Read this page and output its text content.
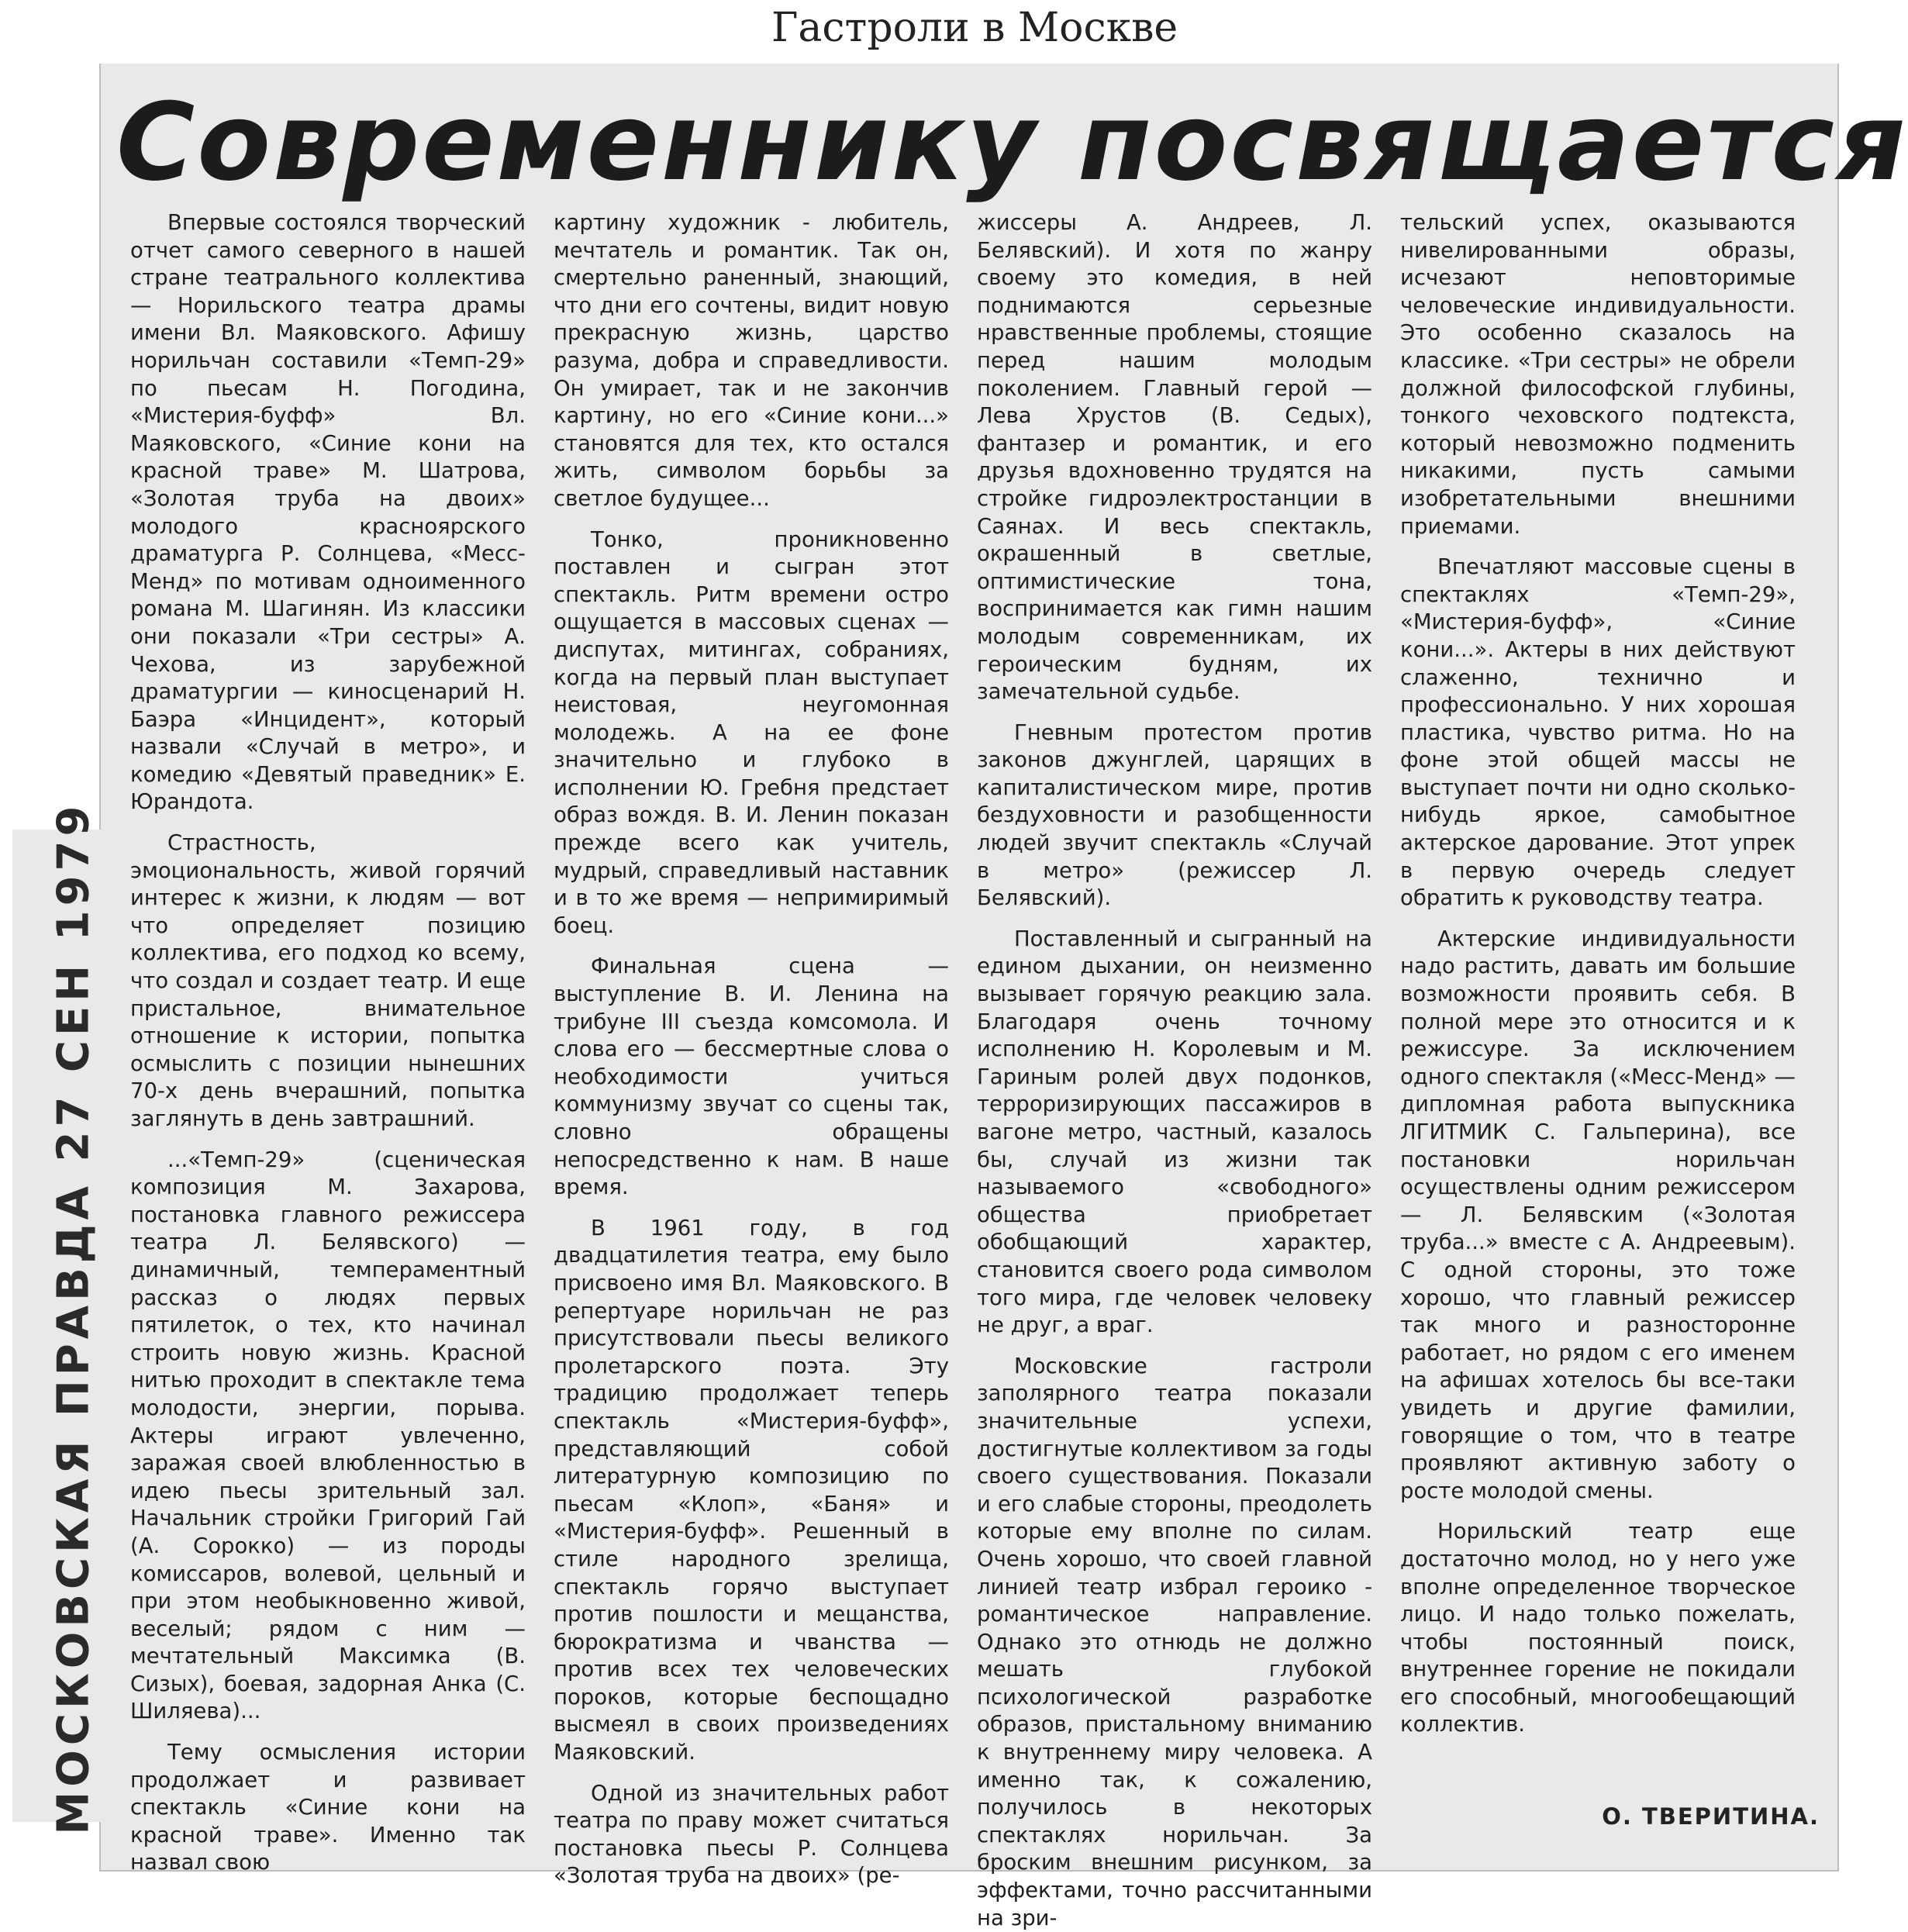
Гастроли в Москве
Современнику посвящается
МОСКОВСКАЯ ПРАВДА 27 СЕН 1979

Впервые состоялся творческий отчет самого северного в нашей стране театрального коллектива — Норильского театра драмы имени Вл. Маяковского. Афишу норильчан составили «Темп-29» по пьесам Н. Погодина, «Мистерия-буфф» Вл. Маяковского, «Синие кони на красной траве» М. Шатрова, «Золотая труба на двоих» молодого красноярского драматурга Р. Солнцева, «Месс-Менд» по мотивам одноименного романа М. Шагинян. Из классики они показали «Три сестры» А. Чехова, из зарубежной драматургии — киносценарий Н. Баэра «Инцидент», который назвали «Случай в метро», и комедию «Девятый праведник» Е. Юрандота.

Страстность, эмоциональность, живой горячий интерес к жизни, к людям — вот что определяет позицию коллектива, его подход ко всему, что создал и создает театр. И еще пристальное, внимательное отношение к истории, попытка осмыслить с позиции нынешних 70-х день вчерашний, попытка заглянуть в день завтрашний.

...«Темп-29» (сценическая композиция М. Захарова, постановка главного режиссера театра Л. Белявского) — динамичный, темпераментный рассказ о людях первых пятилеток, о тех, кто начинал строить новую жизнь. Красной нитью проходит в спектакле тема молодости, энергии, порыва. Актеры играют увлеченно, заражая своей влюбленностью в идею пьесы зрительный зал. Начальник стройки Григорий Гай (А. Сорокко) — из породы комиссаров, волевой, цельный и при этом необыкновенно живой, веселый; рядом с ним — мечтательный Максимка (В. Сизых), боевая, задорная Анка (С. Шиляева)...

Тему осмысления истории продолжает и развивает спектакль «Синие кони на красной траве». Именно так назвал свою

картину художник - любитель, мечтатель и романтик. Так он, смертельно раненный, знающий, что дни его сочтены, видит новую прекрасную жизнь, царство разума, добра и справедливости. Он умирает, так и не закончив картину, но его «Синие кони...» становятся для тех, кто остался жить, символом борьбы за светлое будущее...

Тонко, проникновенно поставлен и сыгран этот спектакль. Ритм времени остро ощущается в массовых сценах — диспутах, митингах, собраниях, когда на первый план выступает неистовая, неугомонная молодежь. А на ее фоне значительно и глубоко в исполнении Ю. Гребня предстает образ вождя. В. И. Ленин показан прежде всего как учитель, мудрый, справедливый наставник и в то же время — непримиримый боец.

Финальная сцена — выступление В. И. Ленина на трибуне III съезда комсомола. И слова его — бессмертные слова о необходимости учиться коммунизму звучат со сцены так, словно обращены непосредственно к нам. В наше время.

В 1961 году, в год двадцатилетия театра, ему было присвоено имя Вл. Маяковского. В репертуаре норильчан не раз присутствовали пьесы великого пролетарского поэта. Эту традицию продолжает теперь спектакль «Мистерия-буфф», представляющий собой литературную композицию по пьесам «Клоп», «Баня» и «Мистерия-буфф». Решенный в стиле народного зрелища, спектакль горячо выступает против пошлости и мещанства, бюрократизма и чванства — против всех тех человеческих пороков, которые беспощадно высмеял в своих произведениях Маяковский.

Одной из значительных работ театра по праву может считаться постановка пьесы Р. Солнцева «Золотая труба на двоих» (ре-

жиссеры А. Андреев, Л. Белявский). И хотя по жанру своему это комедия, в ней поднимаются серьезные нравственные проблемы, стоящие перед нашим молодым поколением. Главный герой — Лева Хрустов (В. Седых), фантазер и романтик, и его друзья вдохновенно трудятся на стройке гидроэлектростанции в Саянах. И весь спектакль, окрашенный в светлые, оптимистические тона, воспринимается как гимн нашим молодым современникам, их героическим будням, их замечательной судьбе.

Гневным протестом против законов джунглей, царящих в капиталистическом мире, против бездуховности и разобщенности людей звучит спектакль «Случай в метро» (режиссер Л. Белявский).

Поставленный и сыгранный на едином дыхании, он неизменно вызывает горячую реакцию зала. Благодаря очень точному исполнению Н. Королевым и М. Гариным ролей двух подонков, терроризирующих пассажиров в вагоне метро, частный, казалось бы, случай из жизни так называемого «свободного» общества приобретает обобщающий характер, становится своего рода символом того мира, где человек человеку не друг, а враг.

Московские гастроли заполярного театра показали значительные успехи, достигнутые коллективом за годы своего существования. Показали и его слабые стороны, преодолеть которые ему вполне по силам. Очень хорошо, что своей главной линией театр избрал героико - романтическое направление. Однако это отнюдь не должно мешать глубокой психологической разработке образов, пристальному вниманию к внутреннему миру человека. А именно так, к сожалению, получилось в некоторых спектаклях норильчан. За броским внешним рисунком, за эффектами, точно рассчитанными на зри-

тельский успех, оказываются нивелированными образы, исчезают неповторимые человеческие индивидуальности. Это особенно сказалось на классике. «Три сестры» не обрели должной философской глубины, тонкого чеховского подтекста, который невозможно подменить никакими, пусть самыми изобретательными внешними приемами.

Впечатляют массовые сцены в спектаклях «Темп-29», «Мистерия-буфф», «Синие кони...». Актеры в них действуют слаженно, технично и профессионально. У них хорошая пластика, чувство ритма. Но на фоне этой общей массы не выступает почти ни одно сколько-нибудь яркое, самобытное актерское дарование. Этот упрек в первую очередь следует обратить к руководству театра.

Актерские индивидуальности надо растить, давать им большие возможности проявить себя. В полной мере это относится и к режиссуре. За исключением одного спектакля («Месс-Менд» — дипломная работа выпускника ЛГИТМИК С. Гальперина), все постановки норильчан осуществлены одним режиссером — Л. Белявским («Золотая труба...» вместе с А. Андреевым). С одной стороны, это тоже хорошо, что главный режиссер так много и разносторонне работает, но рядом с его именем на афишах хотелось бы все-таки увидеть и другие фамилии, говорящие о том, что в театре проявляют активную заботу о росте молодой смены.

Норильский театр еще достаточно молод, но у него уже вполне определенное творческое лицо. И надо только пожелать, чтобы постоянный поиск, внутреннее горение не покидали его способный, многообещающий коллектив.

О. ТВЕРИТИНА.
